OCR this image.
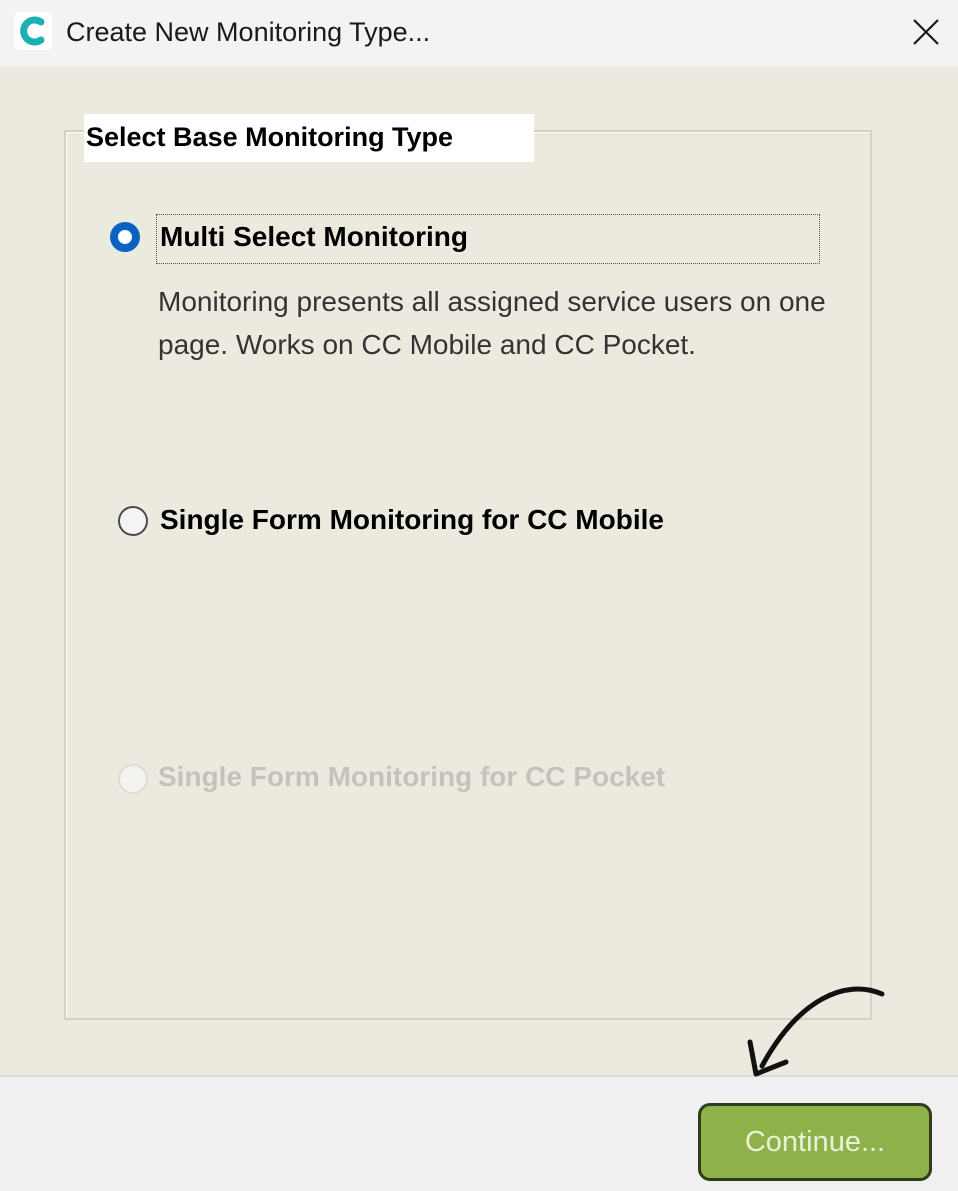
Create New Monitoring Type...
Select Base Monitoring Type
Multi Select Monitoring
Monitoring presents all assigned service users on one page. Works on CC Mobile and CC Pocket.
Single Form Monitoring for CC Mobile
Single Form Monitoring for CC Pocket
Continue...
